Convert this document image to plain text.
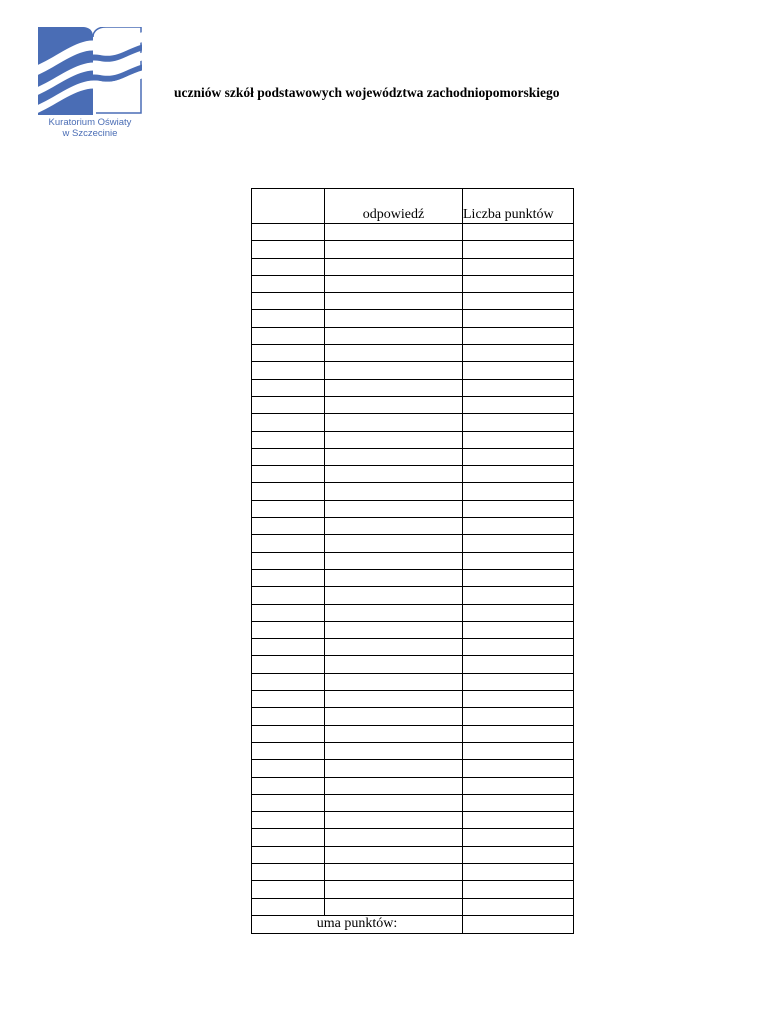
Kuratorium Oświaty
w Szczecinie
uczniów szkół podstawowych województwa zachodniopomorskiego
	odpowiedź	Liczba punktów

uma punktów:		
